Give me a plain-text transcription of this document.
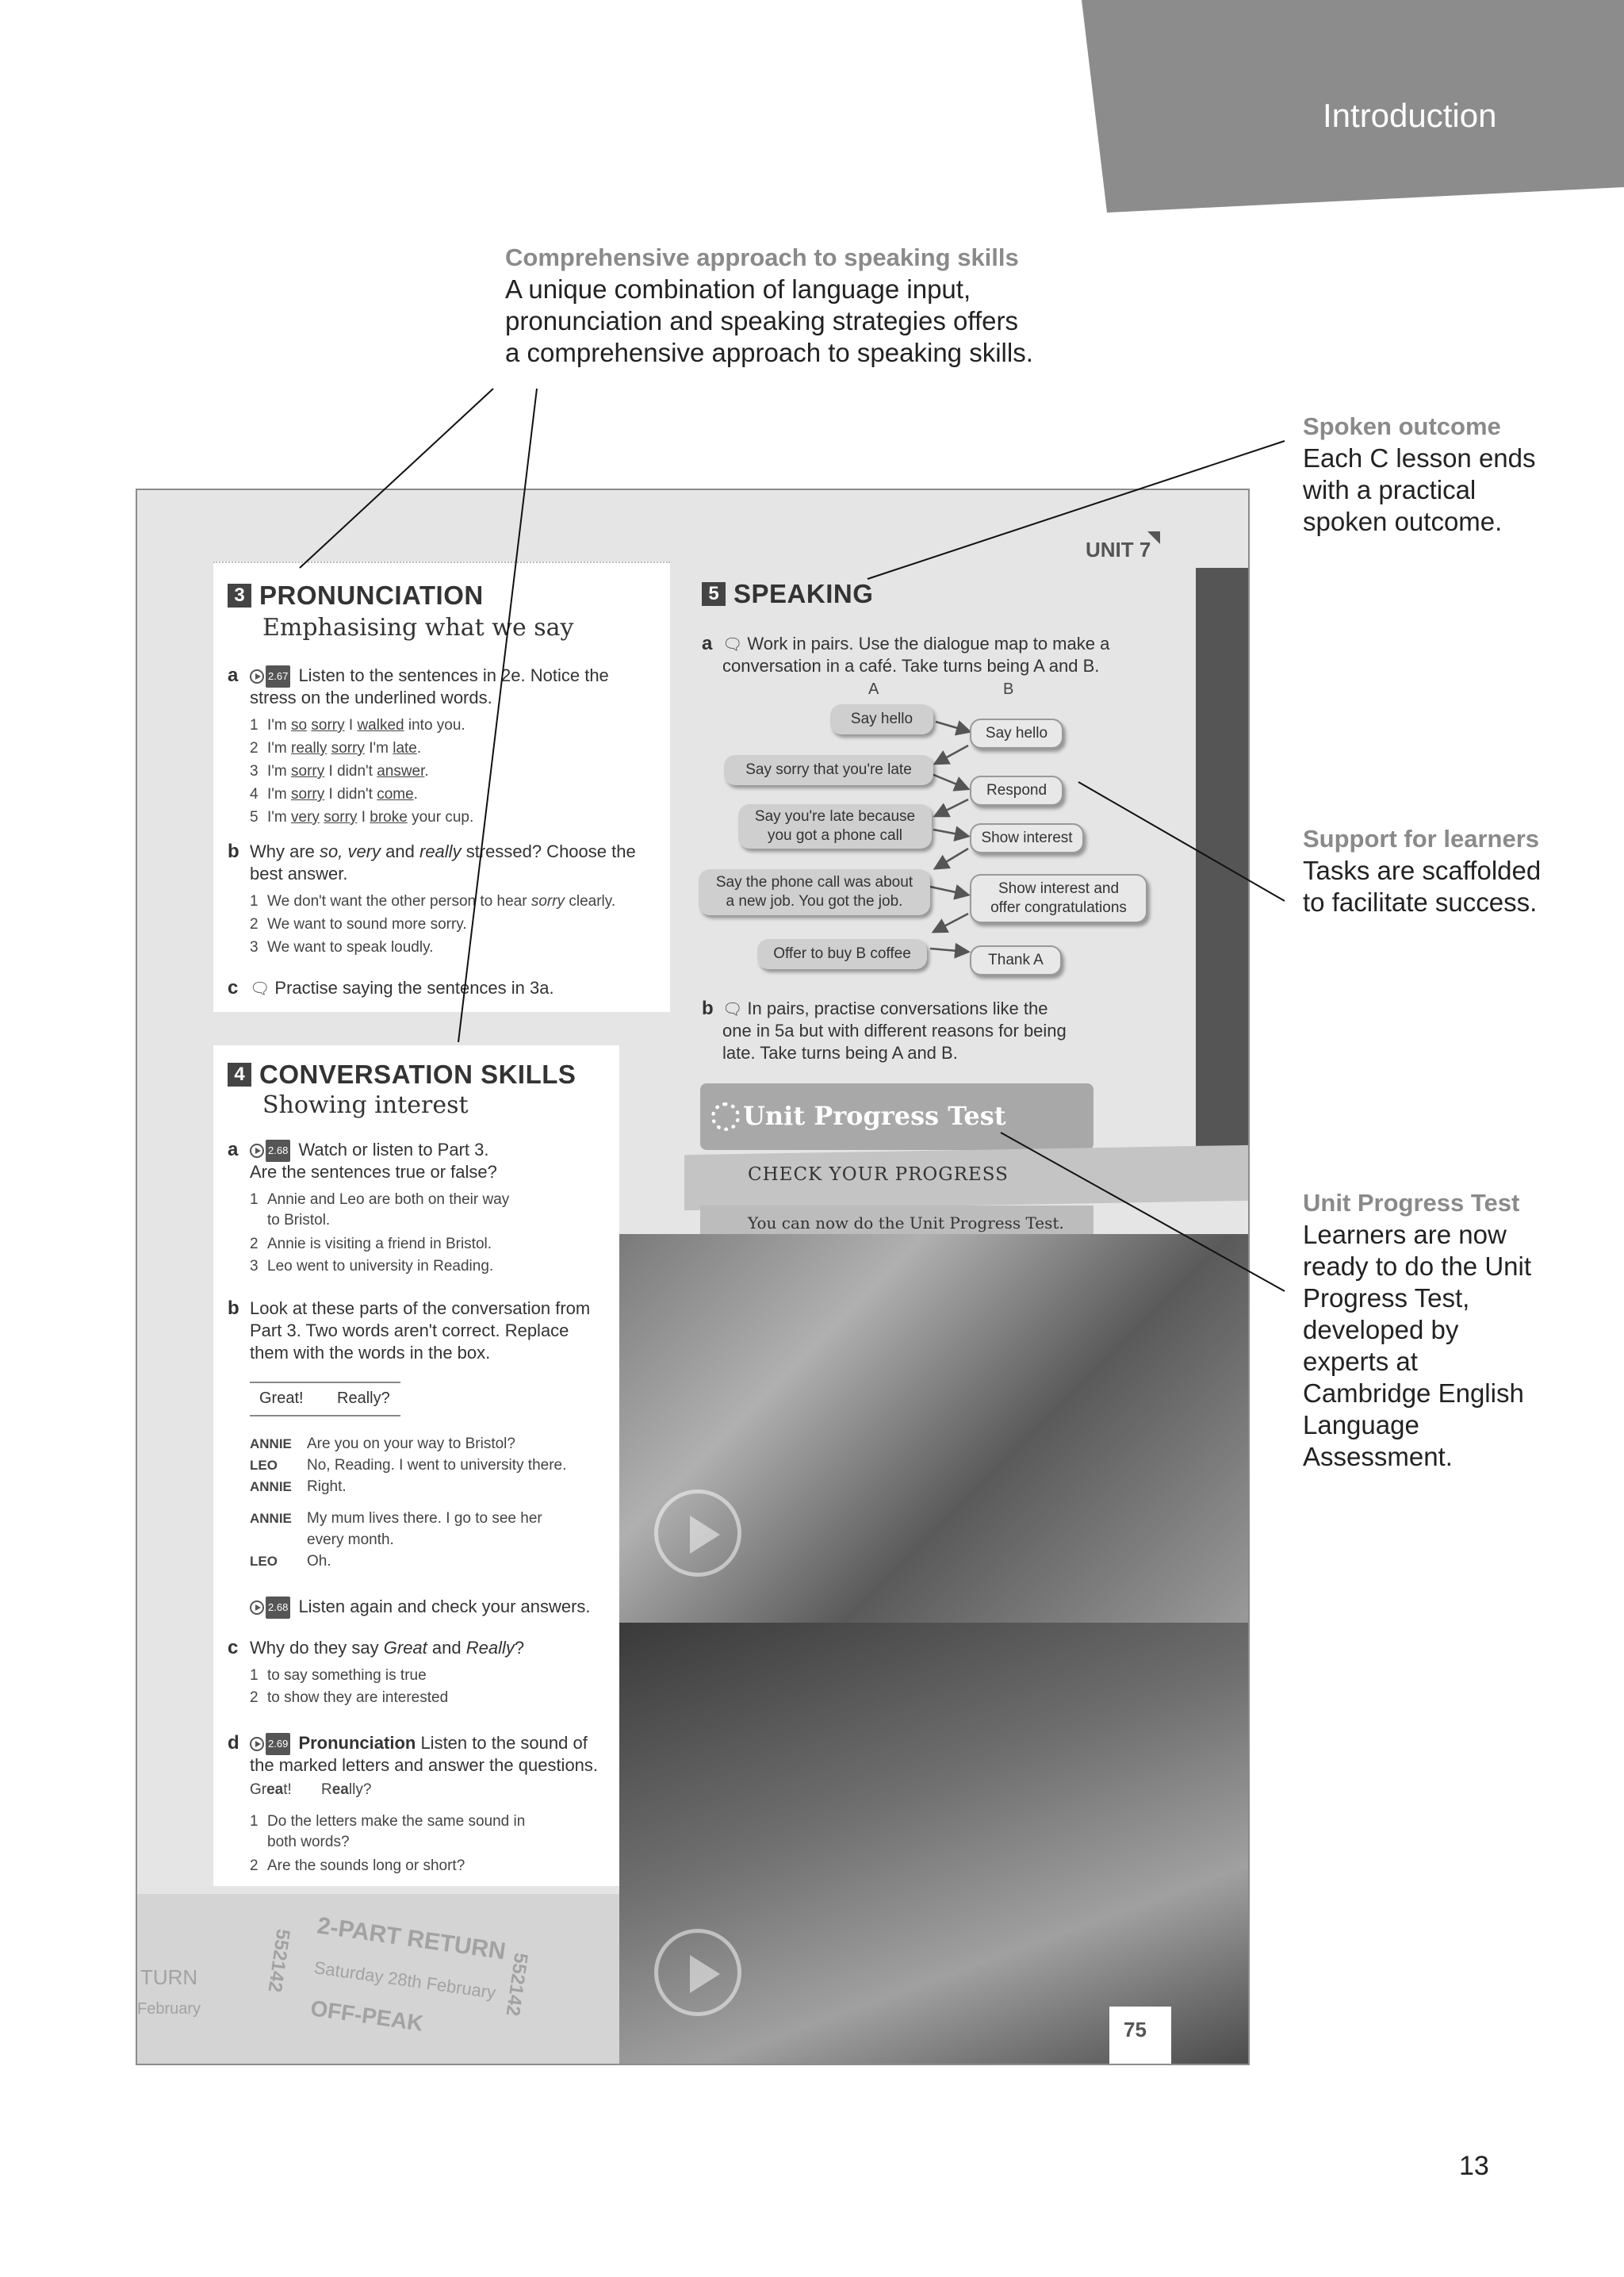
Introduction
Comprehensive approach to speaking skills
A unique combination of language input,
pronunciation and speaking strategies offers
a comprehensive approach to speaking skills.
Spoken outcome
Each C lesson ends
with a practical
spoken outcome.
Support for learners
Tasks are scaffolded
to facilitate success.
Unit Progress Test
Learners are now
ready to do the Unit
Progress Test,
developed by
experts at
Cambridge English
Language
Assessment.
3 PRONUNCIATION
Emphasising what we say
a	2.67 Listen to the sentences in 2e. Notice the
stress on the underlined words.
1 I'm so sorry I walked into you.
2 I'm really sorry I'm late.
3 I'm sorry I didn't answer.
4 I'm sorry I didn't come.
5 I'm very sorry I broke your cup.
b Why are so, very and really stressed? Choose the
best answer.
1 We don't want the other person to hear sorry clearly.
2 We want to sound more sorry.
3 We want to speak loudly.
c 🗨 Practise saying the sentences in 3a.
4 CONVERSATION SKILLS
Showing interest
a	2.68 Watch or listen to Part 3.
Are the sentences true or false?
1 Annie and Leo are both on their way
to Bristol.
2 Annie is visiting a friend in Bristol.
3 Leo went to university in Reading.
b Look at these parts of the conversation from
Part 3. Two words aren't correct. Replace
them with the words in the box.
Great! Really?
ANNIE Are you on your way to Bristol?
LEO No, Reading. I went to university there.
ANNIE Right.
ANNIE My mum lives there. I go to see her
every month.
LEO Oh.
2.68 Listen again and check your answers.
c Why do they say Great and Really?
1 to say something is true
2 to show they are interested
d	2.69 Pronunciation Listen to the sound of
the marked letters and answer the questions.
Great! Really?
1 Do the letters make the same sound in
both words?
2 Are the sounds long or short?
UNIT 7
5 SPEAKING
a 🗨 Work in pairs. Use the dialogue map to make a
conversation in a café. Take turns being A and B.
A	B
Say hello
Say sorry that you're late
Say you're late because
you got a phone call
Say the phone call was about
a new job. You got the job.
Offer to buy B coffee
Say hello
Respond
Show interest
Show interest and
offer congratulations
Thank A
b 🗨 In pairs, practise conversations like the
one in 5a but with different reasons for being
late. Take turns being A and B.
Unit Progress Test
CHECK YOUR PROGRESS
You can now do the Unit Progress Test.
2-PART RETURN
Saturday 28th February
OFF-PEAK
552142	552142
TURN
February
75
13
